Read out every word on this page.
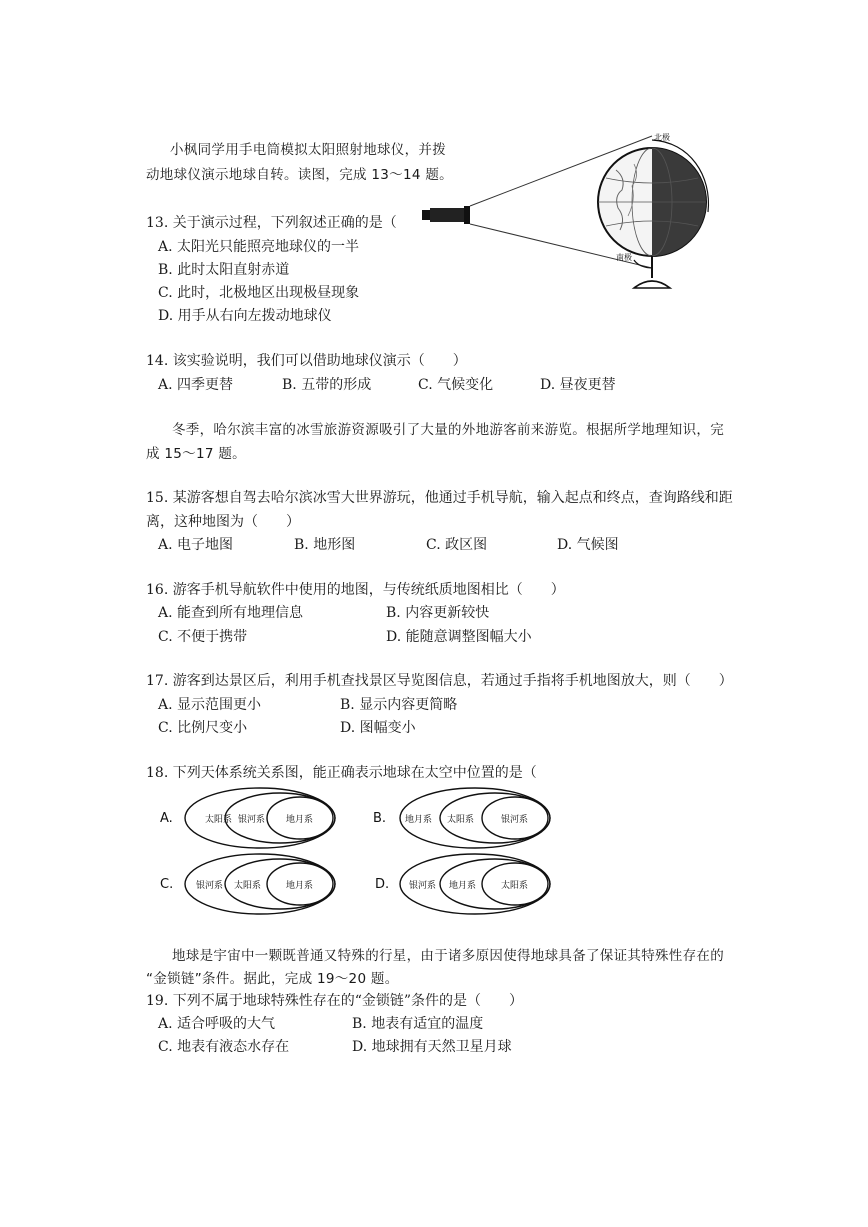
小枫同学用手电筒模拟太阳照射地球仪，并拨
动地球仪演示地球自转。读图，完成 13～14 题。
北极
南极
13. 关于演示过程，下列叙述正确的是（
A. 太阳光只能照亮地球仪的一半
B. 此时太阳直射赤道
C. 此时，北极地区出现极昼现象
D. 用手从右向左拨动地球仪
14. 该实验说明，我们可以借助地球仪演示（　　）
A. 四季更替	B. 五带的形成	C. 气候变化	D. 昼夜更替
冬季，哈尔滨丰富的冰雪旅游资源吸引了大量的外地游客前来游览。根据所学地理知识，完
成 15～17 题。
15. 某游客想自驾去哈尔滨冰雪大世界游玩，他通过手机导航，输入起点和终点，查询路线和距
离，这种地图为（　　）
A. 电子地图	B. 地形图	C. 政区图	D. 气候图
16. 游客手机导航软件中使用的地图，与传统纸质地图相比（　　）
A. 能查到所有地理信息	B. 内容更新较快
C. 不便于携带	D. 能随意调整图幅大小
17. 游客到达景区后，利用手机查找景区导览图信息，若通过手指将手机地图放大，则（　　）
A. 显示范围更小	B. 显示内容更简略
C. 比例尺变小	D. 图幅变小
18. 下列天体系统关系图，能正确表示地球在太空中位置的是（
A.	太阳系 银河系 地月系	B. 地月系 太阳系	银河系
C.	银河系 太阳系	地月系	D. 银河系 地月系	太阳系
地球是宇宙中一颗既普通又特殊的行星，由于诸多原因使得地球具备了保证其特殊性存在的
“金锁链”条件。据此，完成 19～20 题。
19. 下列不属于地球特殊性存在的“金锁链”条件的是（　　）
A. 适合呼吸的大气	B. 地表有适宜的温度
C. 地表有液态水存在	D. 地球拥有天然卫星月球
